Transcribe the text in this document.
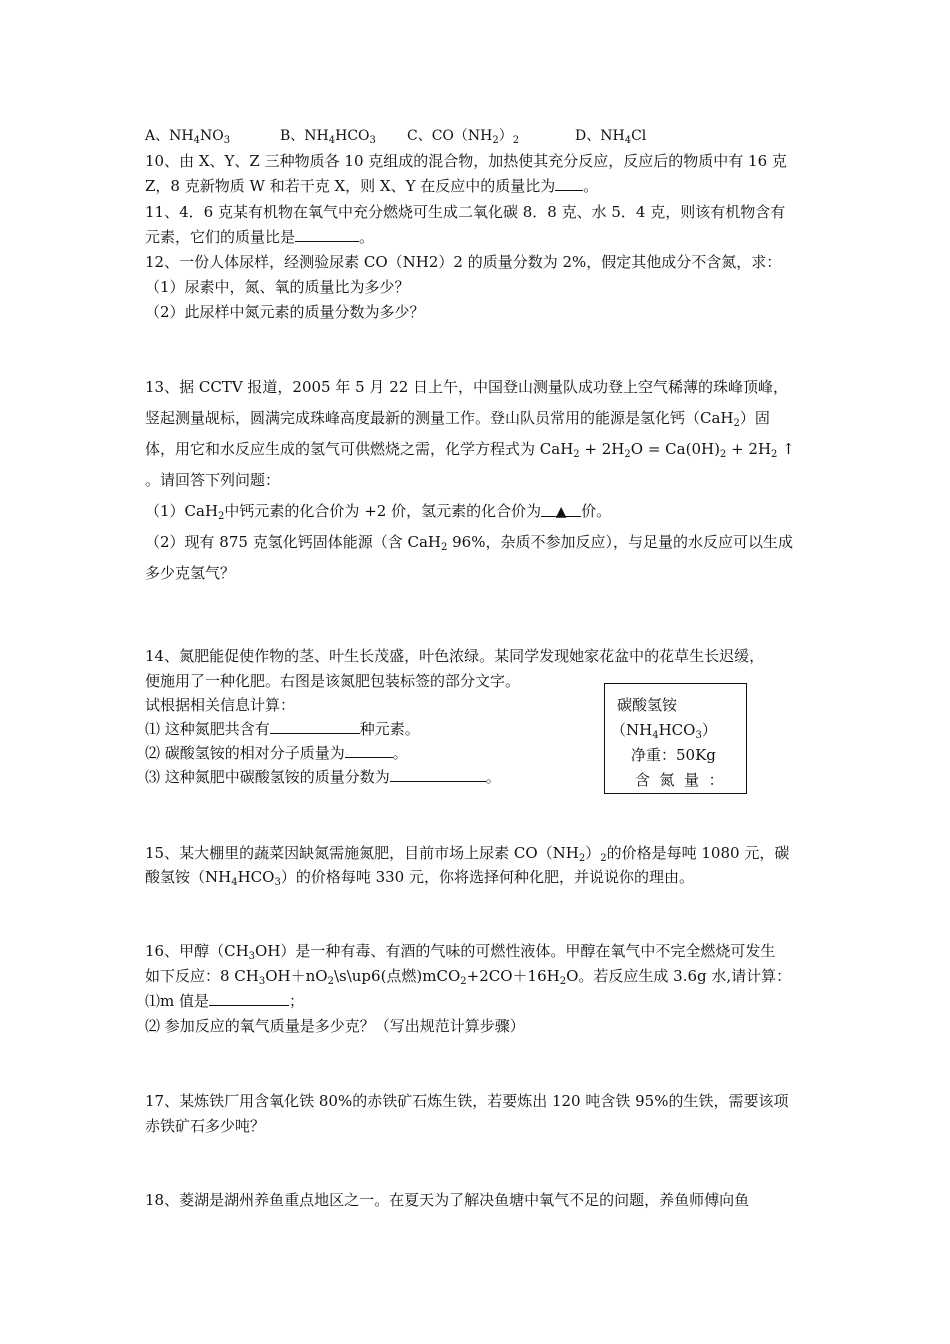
A、$NH_4NO_3$	B、$NH_4HCO_3$ C、$CO(NH_2)_2$	D、$NH_4Cl$
10、由 X、Y、Z 三种物质各 10 克组成的混合物，加热使其充分反应，反应后的物质中有 16 克
Z，8 克新物质 W 和若干克 X，则 X、Y 在反应中的质量比为 。
11、4．6 克某有机物在氧气中充分燃烧可生成二氧化碳 8．8 克、水 5．4 克，则该有机物含有
元素，它们的质量比是	。
12、一份人体尿样，经测验尿素 CO（NH2）2 的质量分数为 2%，假定其他成分不含氮，求：
（1）尿素中，氮、氧的质量比为多少？
（2）此尿样中氮元素的质量分数为多少？
13、据 CCTV 报道，2005 年 5 月 22 日上午，中国登山测量队成功登上空气稀薄的珠峰顶峰，
竖起测量觇标，圆满完成珠峰高度最新的测量工作。登山队员常用的能源是氢化钙（CaH$_2$）固
体，用它和水反应生成的氢气可供燃烧之需，化学方程式为 $CaH_2 + 2H_2O = Ca(0H)_2 + 2H_2$ ↑
。请回答下列问题：
（1）CaH$_2$中钙元素的化合价为 +2 价，氢元素的化合价为 ▲ 价。
（2）现有 875 克氢化钙固体能源（含 CaH$_2$ 96%，杂质不参加反应），与足量的水反应可以生成
多少克氢气？
14、氮肥能促使作物的茎、叶生长茂盛，叶色浓绿。某同学发现她家花盆中的花草生长迟缓，
便施用了一种化肥。右图是该氮肥包装标签的部分文字。
试根据相关信息计算：
⑴ 这种氮肥共含有	种元素。
⑵ 碳酸氢铵的相对分子质量为	。
⑶ 这种氮肥中碳酸氢铵的质量分数为	。
碳酸氢铵
$(NH_4HCO_3)$
净重：50Kg
含  氮  量  ：
15、某大棚里的蔬菜因缺氮需施氮肥，目前市场上尿素 $CO(NH_2)_2$的价格是每吨 1080 元，碳
酸氢铵$(NH_4HCO_3)$的价格每吨 330 元，你将选择何种化肥，并说说你的理由。
16、甲醇$(CH_3OH)$是一种有毒、有酒的气味的可燃性液体。甲醇在氧气中不完全燃烧可发生
如下反应：8 $CH_3OH+nO_2\backslash s\backslash up6$(点燃)$mCO_2+2CO+16H_2O$。若反应生成 3.6g 水,请计算：
⑴m 值是	；
⑵ 参加反应的氧气质量是多少克？（写出规范计算步骤）
17、某炼铁厂用含氧化铁 80%的赤铁矿石炼生铁，若要炼出 120 吨含铁 95%的生铁，需要该项
赤铁矿石多少吨？
18、菱湖是湖州养鱼重点地区之一。在夏天为了解决鱼塘中氧气不足的问题，养鱼师傅向鱼
